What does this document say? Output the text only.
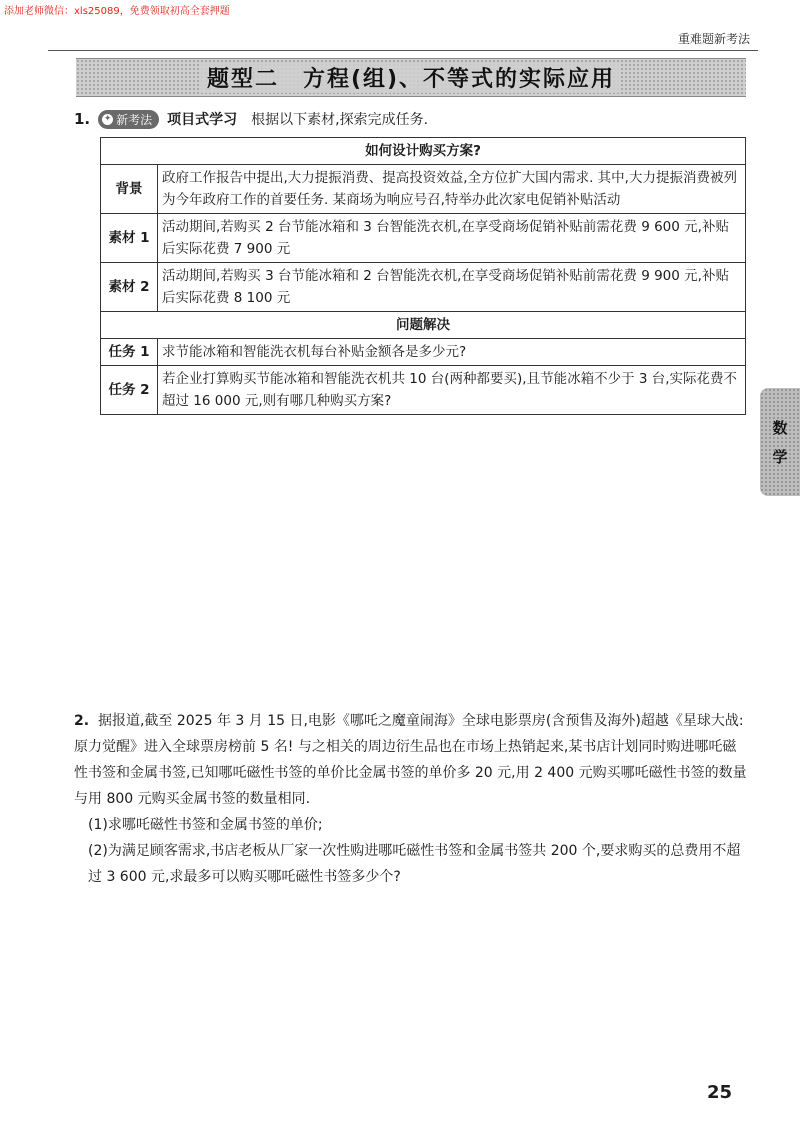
添加老师微信：xls25089，免费领取初高全套押题
重难题新考法
题型二　方程(组)、不等式的实际应用
1. ✦ 新考法 项目式学习 根据以下素材,探索完成任务.
如何设计购买方案?	
背景	政府工作报告中提出,大力提振消费、提高投资效益,全方位扩大国内需求. 其中,大力提振消费被列为今年政府工作的首要任务. 某商场为响应号召,特举办此次家电促销补贴活动
素材 1	活动期间,若购买 2 台节能冰箱和 3 台智能洗衣机,在享受商场促销补贴前需花费 9 600 元,补贴后实际花费 7 900 元
素材 2	活动期间,若购买 3 台节能冰箱和 2 台智能洗衣机,在享受商场促销补贴前需花费 9 900 元,补贴后实际花费 8 100 元
问题解决	
任务 1	求节能冰箱和智能洗衣机每台补贴金额各是多少元?
任务 2	若企业打算购买节能冰箱和智能洗衣机共 10 台(两种都要买),且节能冰箱不少于 3 台,实际花费不超过 16 000 元,则有哪几种购买方案?
2. 据报道,截至 2025 年 3 月 15 日,电影《哪吒之魔童闹海》全球电影票房(含预售及海外)超越《星球大战:原力觉醒》进入全球票房榜前 5 名! 与之相关的周边衍生品也在市场上热销起来,某书店计划同时购进哪吒磁性书签和金属书签,已知哪吒磁性书签的单价比金属书签的单价多 20 元,用 2 400 元购买哪吒磁性书签的数量与用 800 元购买金属书签的数量相同.
(1)求哪吒磁性书签和金属书签的单价;
(2)为满足顾客需求,书店老板从厂家一次性购进哪吒磁性书签和金属书签共 200 个,要求购买的总费用不超过 3 600 元,求最多可以购买哪吒磁性书签多少个?
数
学
25
